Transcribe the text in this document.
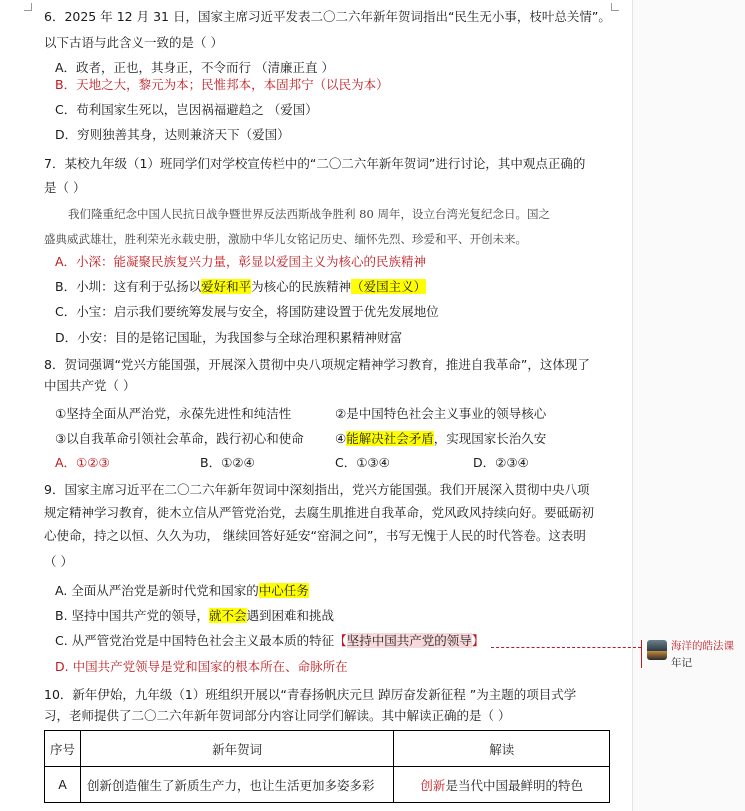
6．2025 年 12 月 31 日，国家主席习近平发表二〇二六年新年贺词指出“民生无小事，枝叶总关情”。
以下古语与此含义一致的是（ ）
A．政者，正也，其身正，不令而行 （清廉正直 ）
B．天地之大，黎元为本；民惟邦本，本固邦宁（以民为本）
C．苟利国家生死以，岂因祸福避趋之 （爱国）
D．穷则独善其身，达则兼济天下（爱国）
7．某校九年级（1）班同学们对学校宣传栏中的“二〇二六年新年贺词”进行讨论，其中观点正确的
是（ ）
我们隆重纪念中国人民抗日战争暨世界反法西斯战争胜利 80 周年，设立台湾光复纪念日。国之
盛典威武雄壮，胜利荣光永载史册，激励中华儿女铭记历史、缅怀先烈、珍爱和平、开创未来。
A．小深：能凝聚民族复兴力量，彰显以爱国主义为核心的民族精神
B．小圳：这有利于弘扬以爱好和平为核心的民族精神（爱国主义）
C．小宝：启示我们要统筹发展与安全，将国防建设置于优先发展地位
D．小安：目的是铭记国耻，为我国参与全球治理积累精神财富
8．贺词强调“党兴方能国强，开展深入贯彻中央八项规定精神学习教育，推进自我革命”，这体现了
中国共产党（ ）
①坚持全面从严治党，永葆先进性和纯洁性	②是中国特色社会主义事业的领导核心
③以自我革命引领社会革命，践行初心和使命	④能解决社会矛盾，实现国家长治久安
A．①②③	B．①②④	C．①③④	D．②③④
9．国家主席习近平在二〇二六年新年贺词中深刻指出，党兴方能国强。我们开展深入贯彻中央八项
规定精神学习教育，徙木立信从严管党治党，去腐生肌推进自我革命，党风政风持续向好。要砥砺初
心使命，持之以恒、久久为功， 继续回答好延安“窑洞之问”，书写无愧于人民的时代答卷。这表明
（ ）
A. 全面从严治党是新时代党和国家的中心任务
B. 坚持中国共产党的领导，就不会遇到困难和挑战
C. 从严管党治党是中国特色社会主义最本质的特征【坚持中国共产党的领导】
D. 中国共产党领导是党和国家的根本所在、命脉所在
10．新年伊始，九年级（1）班组织开展以“青春扬帆庆元旦 踔厉奋发新征程 ”为主题的项目式学
习，老师提供了二〇二六年新年贺词部分内容让同学们解读。其中解读正确的是（ ）
序号	新年贺词	解读
A	创新创造催生了新质生产力，也让生活更加多姿多彩	创新是当代中国最鲜明的特色
海洋的皓法课
年记
